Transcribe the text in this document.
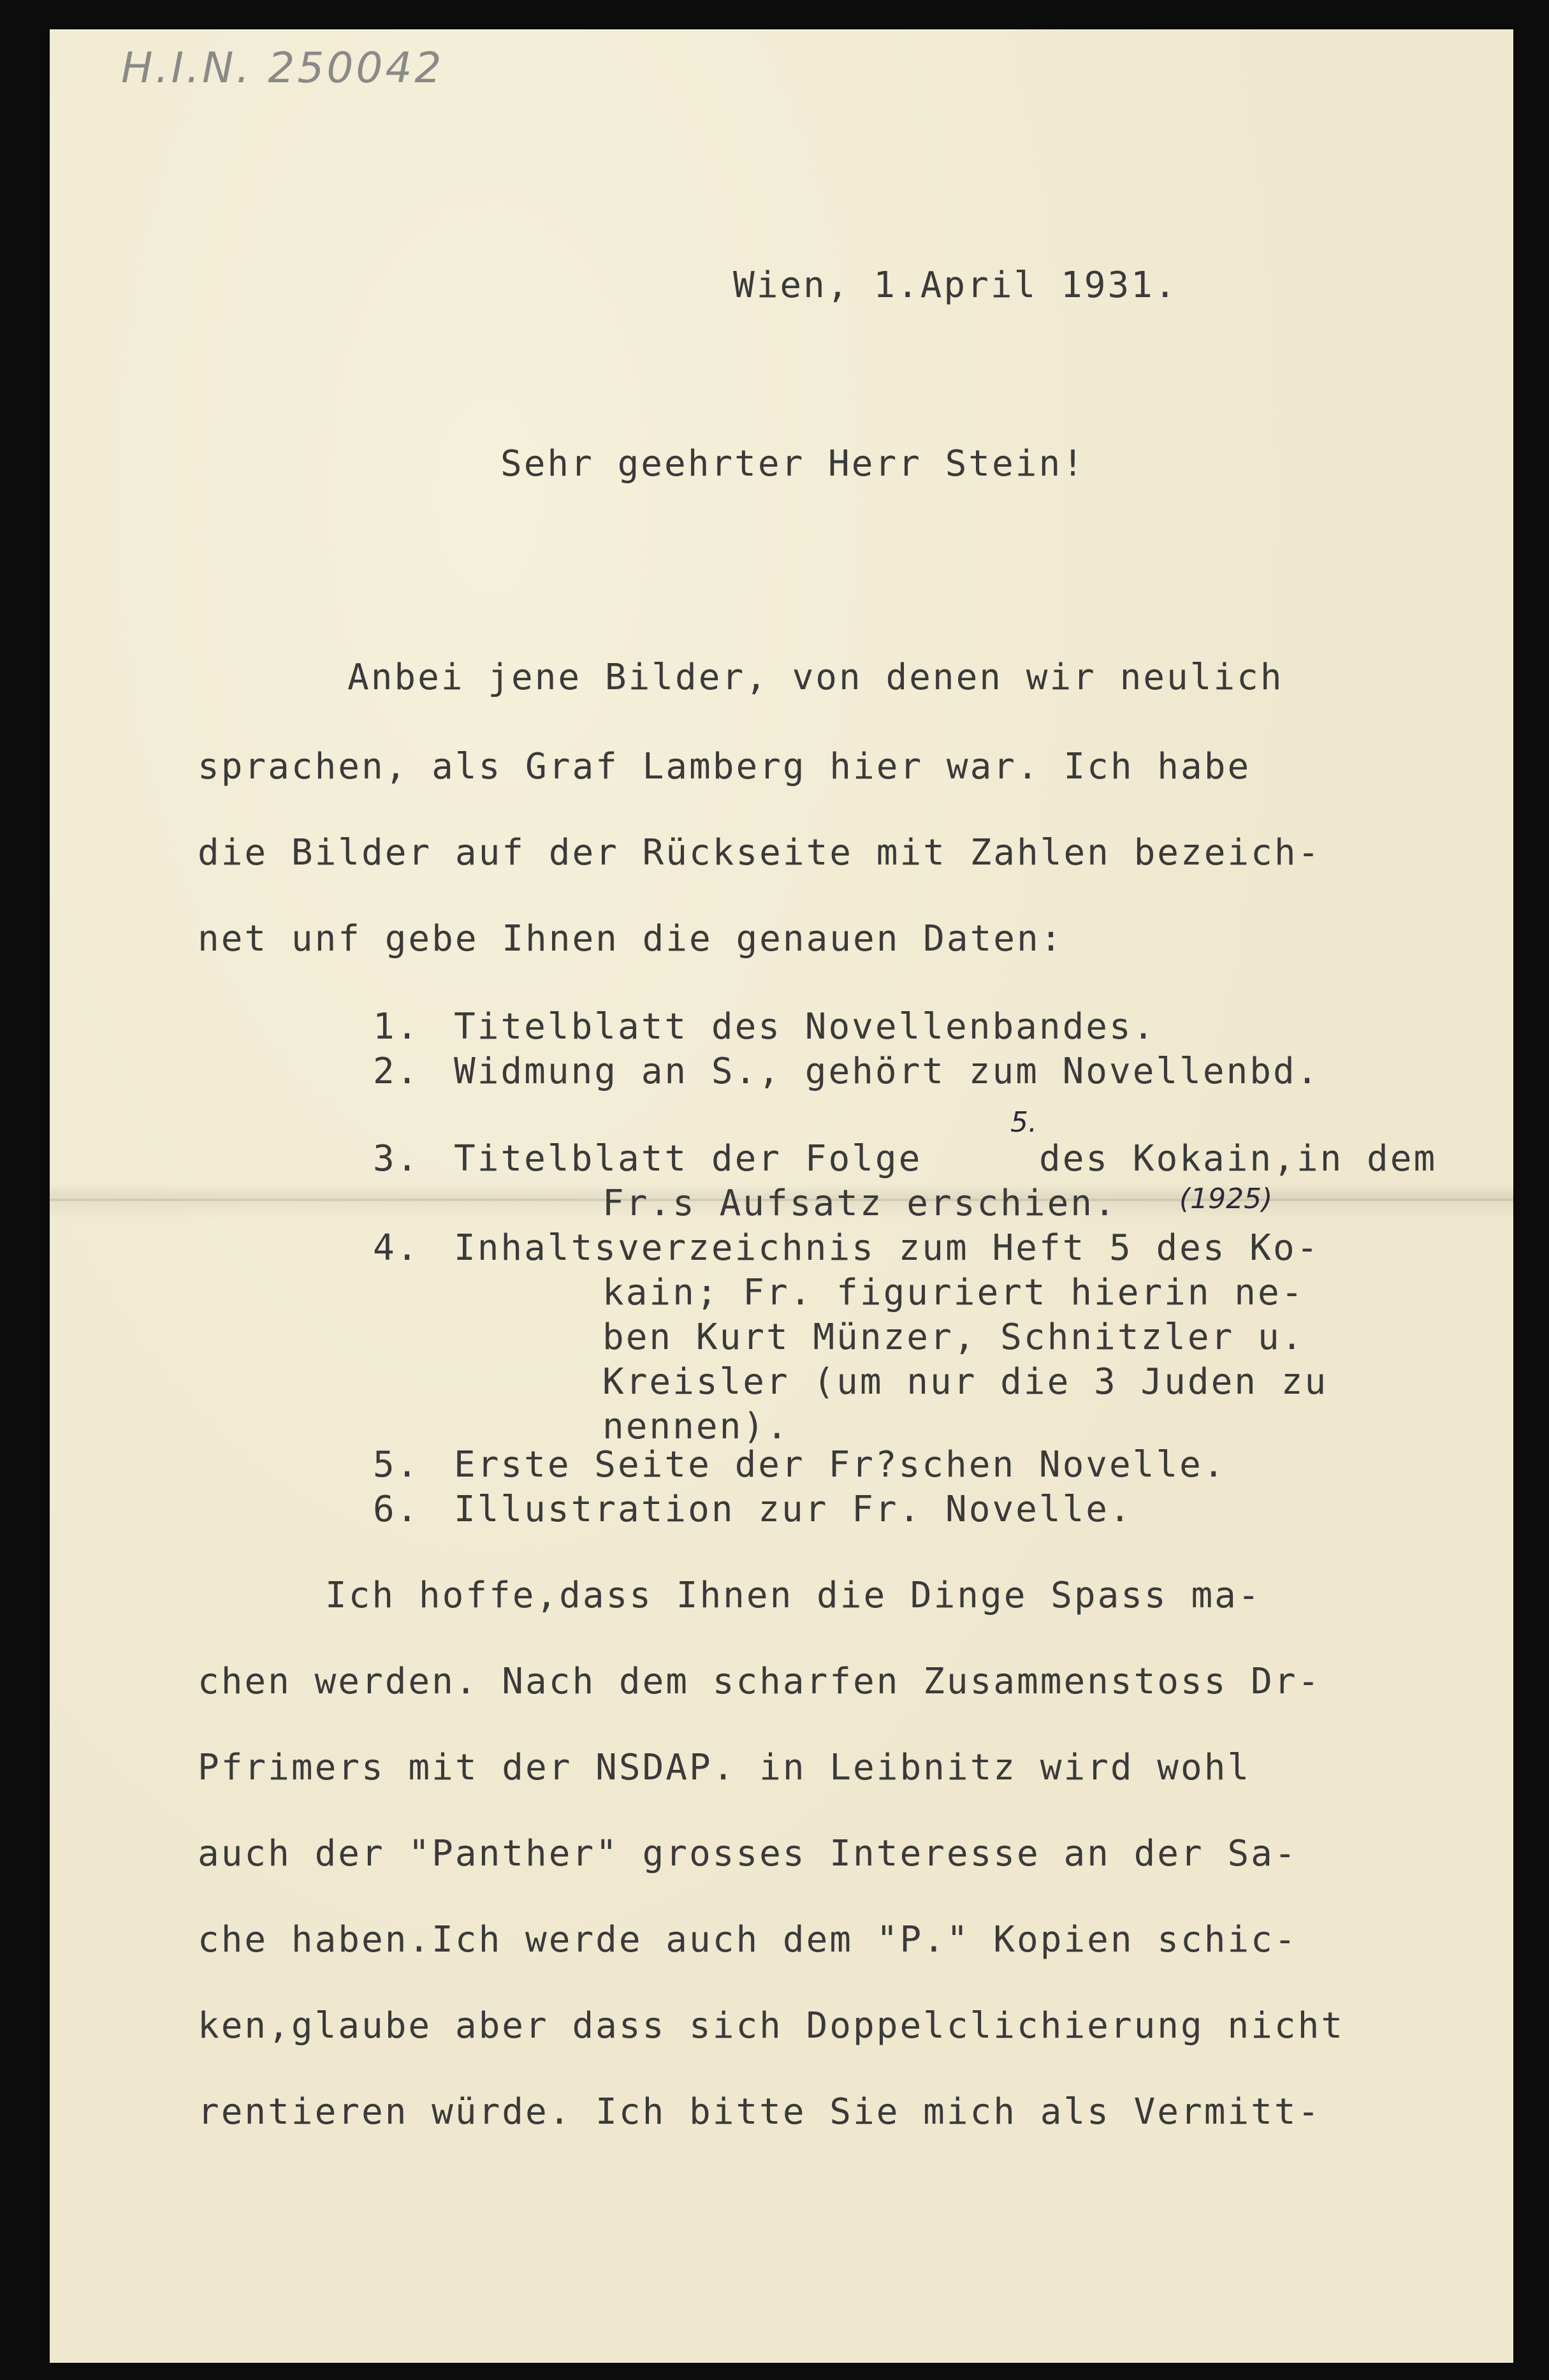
H.I.N. 250042
Wien, 1.April 1931.
Sehr geehrter Herr Stein!
Anbei jene Bilder, von denen wir neulich
sprachen, als Graf Lamberg hier war. Ich habe
die Bilder auf der Rückseite mit Zahlen bezeich-
net unf gebe Ihnen die genauen Daten:
1. Titelblatt des Novellenbandes.
2. Widmung an S., gehört zum Novellenbd.
3. Titelblatt der Folge
5.
des Kokain,in dem
Fr.s Aufsatz erschien. (1925)
4. Inhaltsverzeichnis zum Heft 5 des Ko-
kain; Fr. figuriert hierin ne-
ben Kurt Münzer, Schnitzler u.
Kreisler (um nur die 3 Juden zu
nennen).
5. Erste Seite der Fr?schen Novelle.
6. Illustration zur Fr. Novelle.
Ich hoffe,dass Ihnen die Dinge Spass ma-
chen werden. Nach dem scharfen Zusammenstoss Dr-
Pfrimers mit der NSDAP. in Leibnitz wird wohl
auch der "Panther" grosses Interesse an der Sa-
che haben.Ich werde auch dem "P." Kopien schic-
ken,glaube aber dass sich Doppelclichierung nicht
rentieren würde. Ich bitte Sie mich als Vermitt-
